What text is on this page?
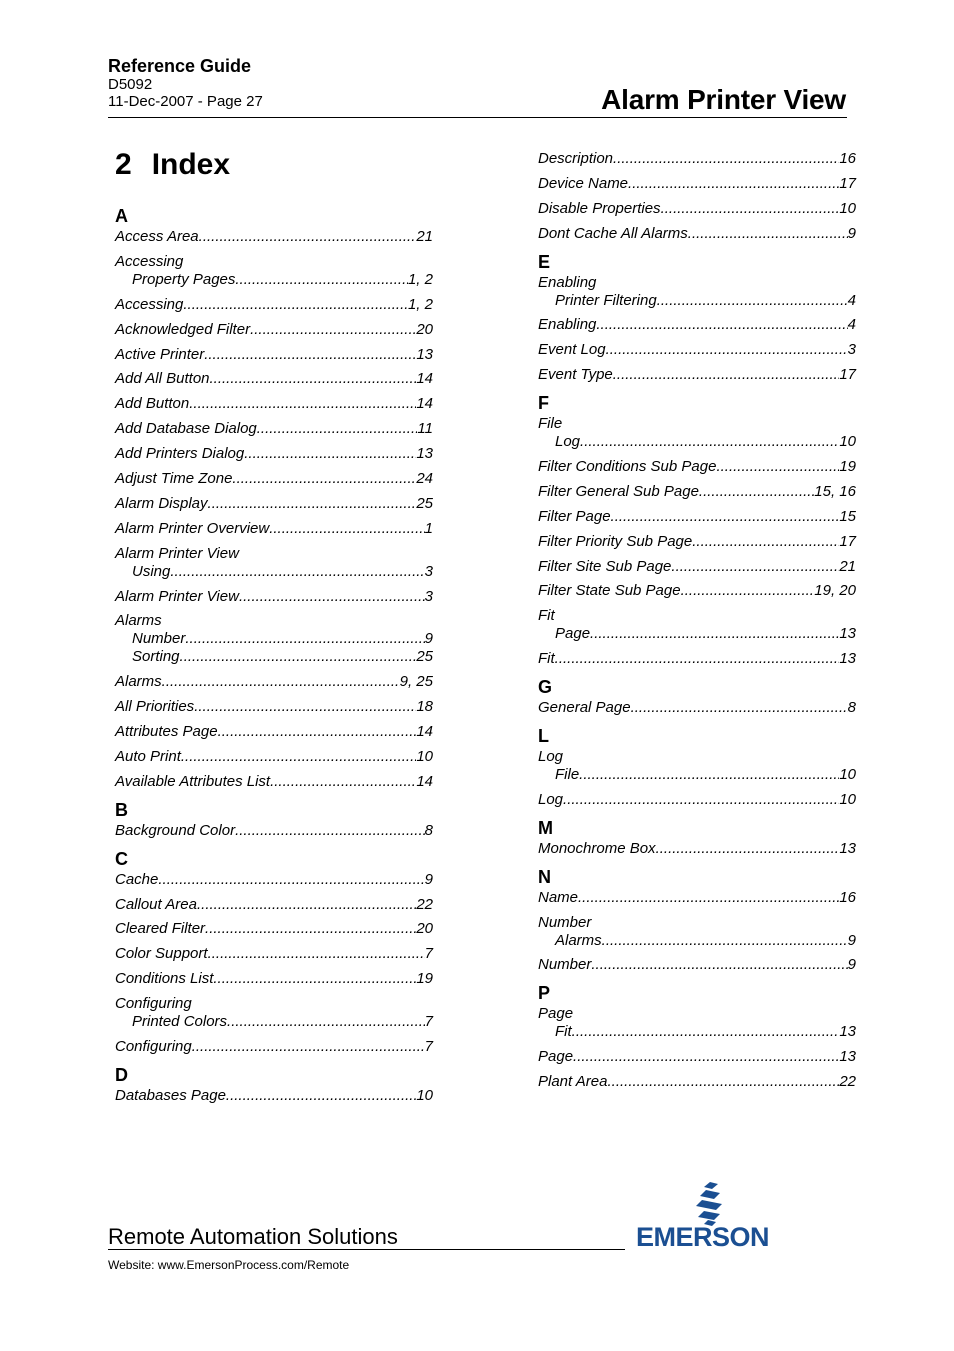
Reference Guide
D5092
11-Dec-2007 - Page 27	Alarm Printer View
2 Index
A
Access Area .....	21
Accessing
Property Pages .....	1, 2
Accessing .....	1, 2
Acknowledged Filter .....	20
Active Printer .....	13
Add All Button .....	14
Add Button .....	14
Add Database Dialog .....	11
Add Printers Dialog .....	13
Adjust Time Zone .....	24
Alarm Display .....	25
Alarm Printer Overview .....	1
Alarm Printer View
Using .....	3
Alarm Printer View .....	3
Alarms
Number .....	9
Sorting .....	25
Alarms .....	9, 25
All Priorities .....	18
Attributes Page .....	14
Auto Print .....	10
Available Attributes List .....	14
B
Background Color .....	8
C
Cache .....	9
Callout Area .....	22
Cleared Filter .....	20
Color Support .....	7
Conditions List .....	19
Configuring
Printed Colors .....	7
Configuring .....	7
D
Databases Page .....	10
Description .....	16
Device Name .....	17
Disable Properties .....	10
Dont Cache All Alarms .....	9
E
Enabling
Printer Filtering .....	4
Enabling .....	4
Event Log .....	3
Event Type .....	17
F
File
Log .....	10
Filter Conditions Sub Page .....	19
Filter General Sub Page .....	15, 16
Filter Page .....	15
Filter Priority Sub Page .....	17
Filter Site Sub Page .....	21
Filter State Sub Page .....	19, 20
Fit
Page .....	13
Fit .....	13
G
General Page .....	8
L
Log
File .....	10
Log .....	10
M
Monochrome Box .....	13
N
Name .....	16
Number
Alarms .....	9
Number .....	9
P
Page
Fit .....	13
Page .....	13
Plant Area .....	22
Remote Automation Solutions
Website: www.EmersonProcess.com/Remote
EMERSON
